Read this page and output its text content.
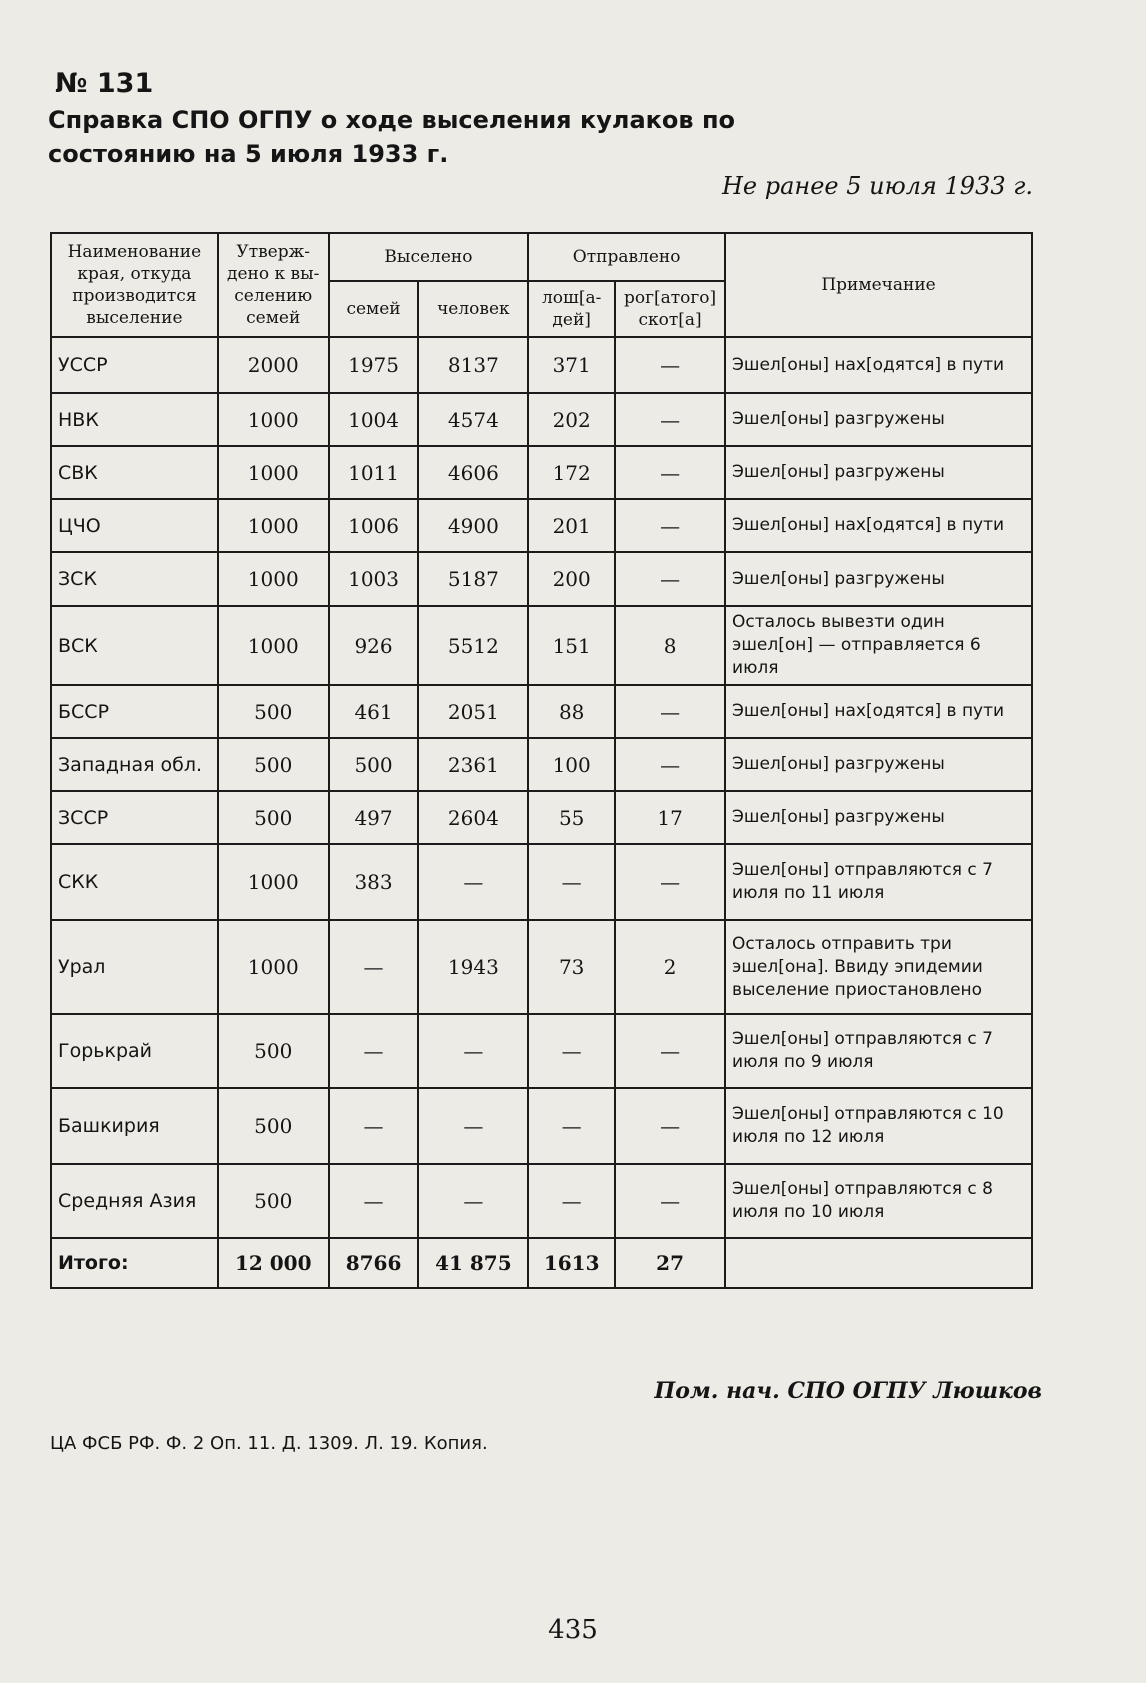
№ 131
Справка СПО ОГПУ о ходе выселения кулаков по состоянию на 5 июля 1933 г.
Не ранее 5 июля 1933 г.
Наименование края, откуда производится выселение	Утверж-дено к вы-селению семей	Выселено		Отправлено		Примечание
		семей	человек	лош[а-дей]	рог[атого] скот[а]	
УССР	2000	1975	8137	371	—	Эшел[оны] нах[одятся] в пути
НВК	1000	1004	4574	202	—	Эшел[оны] разгружены
СВК	1000	1011	4606	172	—	Эшел[оны] разгружены
ЦЧО	1000	1006	4900	201	—	Эшел[оны] нах[одятся] в пути
ЗСК	1000	1003	5187	200	—	Эшел[оны] разгружены
ВСК	1000	926	5512	151	8	Осталось вывезти один эшел[он] — отправляется 6 июля
БССР	500	461	2051	88	—	Эшел[оны] нах[одятся] в пути
Западная обл.	500	500	2361	100	—	Эшел[оны] разгружены
ЗССР	500	497	2604	55	17	Эшел[оны] разгружены
СКК	1000	383	—	—	—	Эшел[оны] отправляются с 7 июля по 11 июля
Урал	1000	—	1943	73	2	Осталось отправить три эшел[она]. Ввиду эпидемии выселение приостановлено
Горькрай	500	—	—	—	—	Эшел[оны] отправляются с 7 июля по 9 июля
Башкирия	500	—	—	—	—	Эшел[оны] отправляются с 10 июля по 12 июля
Средняя Азия	500	—	—	—	—	Эшел[оны] отправляются с 8 июля по 10 июля
Итого:	12 000	8766	41 875	1613	27	
Пом. нач. СПО ОГПУ Люшков
ЦА ФСБ РФ. Ф. 2 Оп. 11. Д. 1309. Л. 19. Копия.
435
